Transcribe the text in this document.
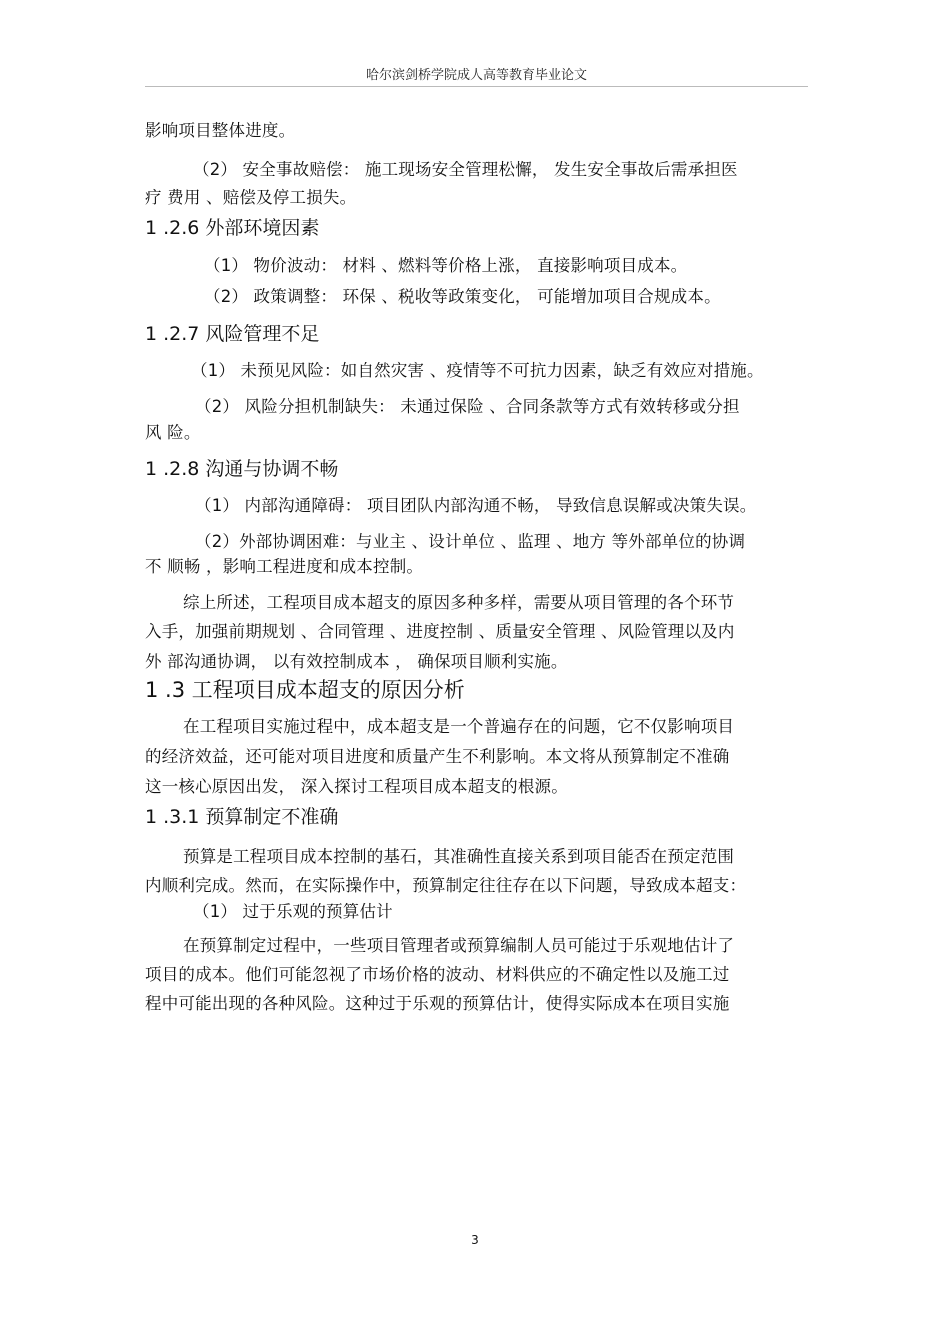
哈尔滨剑桥学院成人高等教育毕业论文
影响项目整体进度。
（2） 安全事故赔偿： 施工现场安全管理松懈， 发生安全事故后需承担医
疗 费用 、赔偿及停工损失。
1 .2.6 外部环境因素
（1） 物价波动： 材料 、燃料等价格上涨， 直接影响项目成本。
（2） 政策调整： 环保 、税收等政策变化， 可能增加项目合规成本。
1 .2.7 风险管理不足
（1） 未预见风险：如自然灾害 、疫情等不可抗力因素，缺乏有效应对措施。
（2） 风险分担机制缺失： 未通过保险 、合同条款等方式有效转移或分担
风 险。
1 .2.8 沟通与协调不畅
（1） 内部沟通障碍： 项目团队内部沟通不畅， 导致信息误解或决策失误。
（2）外部协调困难：与业主 、设计单位 、监理 、地方 等外部单位的协调
不 顺畅 ，影响工程进度和成本控制。
综上所述，工程项目成本超支的原因多种多样，需要从项目管理的各个环节
入手，加强前期规划 、合同管理 、进度控制 、质量安全管理 、风险管理以及内
外 部沟通协调， 以有效控制成本 ， 确保项目顺利实施。
1 .3 工程项目成本超支的原因分析
在工程项目实施过程中，成本超支是一个普遍存在的问题，它不仅影响项目
的经济效益，还可能对项目进度和质量产生不利影响。本文将从预算制定不准确
这一核心原因出发， 深入探讨工程项目成本超支的根源。
1 .3.1 预算制定不准确
预算是工程项目成本控制的基石，其准确性直接关系到项目能否在预定范围
内顺利完成。然而，在实际操作中，预算制定往往存在以下问题，导致成本超支：
（1） 过于乐观的预算估计
在预算制定过程中，一些项目管理者或预算编制人员可能过于乐观地估计了
项目的成本。他们可能忽视了市场价格的波动、材料供应的不确定性以及施工过
程中可能出现的各种风险。这种过于乐观的预算估计，使得实际成本在项目实施
3
